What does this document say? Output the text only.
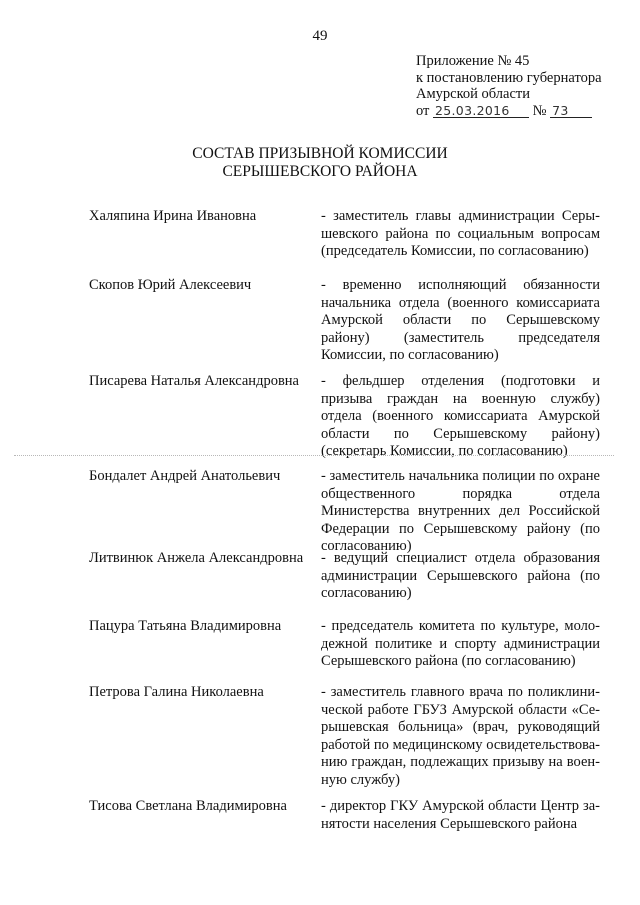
49
Приложение № 45
к постановлению губернатора
Амурской области
от 25.03.2016 № 73
СОСТАВ ПРИЗЫВНОЙ КОМИССИИ
СЕРЫШЕВСКОГО РАЙОНА
Халяпина Ирина Ивановна	- заместитель главы администрации Серышевского района по социальным вопросам (председатель Комиссии, по согласованию)
Скопов Юрий Алексеевич	- временно исполняющий обязанности начальника отдела (военного комиссариата Амурской области по Серышевскому району) (заместитель председателя Комиссии, по согласованию)
Писарева Наталья Александровна - фельдшер отделения (подготовки и призыва граждан на военную службу) отдела (военного комиссариата Амурской области по Серышевскому району) (секретарь Комиссии, по согласованию)
Бондалет Андрей Анатольевич	- заместитель начальника полиции по охране общественного порядка отдела Министерства внутренних дел Российской Федерации по Серышевскому району (по согласованию)
Литвинюк Анжела Александровна - ведущий специалист отдела образования администрации Серышевского района (по согласованию)
Пацура Татьяна Владимировна	- председатель комитета по культуре, молодежной политике и спорту администрации Серышевского района (по согласованию)
Петрова Галина Николаевна	- заместитель главного врача по поликлинической работе ГБУЗ Амурской области «Серышевская больница» (врач, руководящий работой по медицинскому освидетельствованию граждан, подлежащих призыву на военную службу)
Тисова Светлана Владимировна - директор ГКУ Амурской области Центр занятости населения Серышевского района
